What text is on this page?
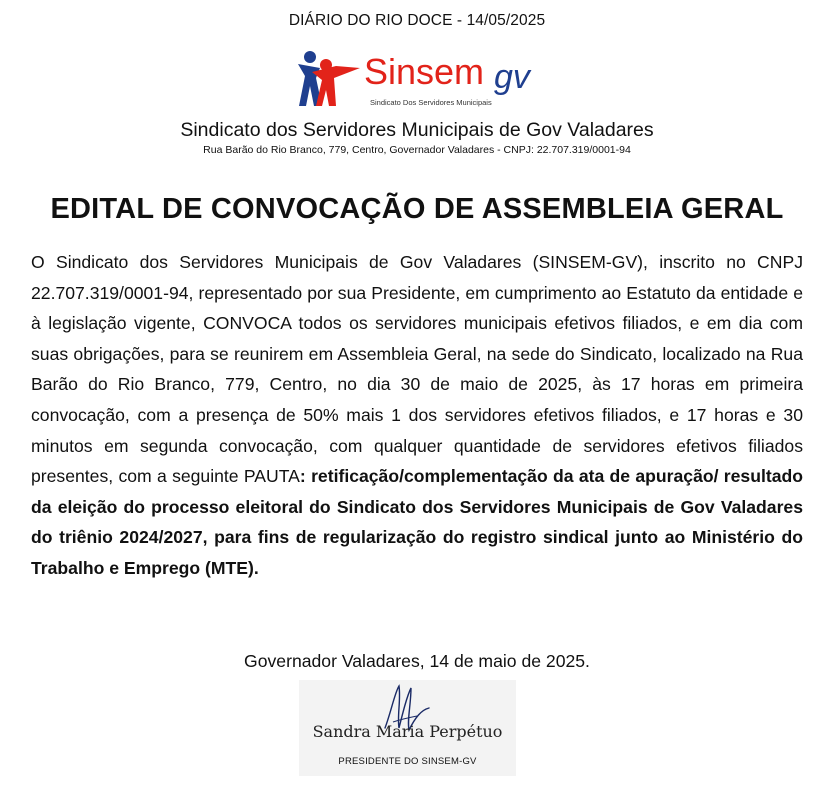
DIÁRIO DO RIO DOCE - 14/05/2025
Sinsem gv
Sindicato Dos Servidores Municipais
Sindicato dos Servidores Municipais de Gov Valadares
Rua Barão do Rio Branco, 779, Centro, Governador Valadares - CNPJ: 22.707.319/0001-94
EDITAL DE CONVOCAÇÃO DE ASSEMBLEIA GERAL
O Sindicato dos Servidores Municipais de Gov Valadares (SINSEM-GV), inscrito no CNPJ 22.707.319/0001-94, representado por sua Presidente, em cumprimento ao Estatuto da entidade e à legislação vigente, CONVOCA todos os servidores municipais efetivos filiados, e em dia com suas obrigações, para se reunirem em Assembleia Geral, na sede do Sindicato, localizado na Rua Barão do Rio Branco, 779, Centro, no dia 30 de maio de 2025, às 17 horas em primeira convocação, com a presença de 50% mais 1 dos servidores efetivos filiados, e 17 horas e 30 minutos em segunda convocação, com qualquer quantidade de servidores efetivos filiados presentes, com a seguinte PAUTA: retificação/complementação da ata de apuração/ resultado da eleição do processo eleitoral do Sindicato dos Servidores Municipais de Gov Valadares do triênio 2024/2027, para fins de regularização do registro sindical junto ao Ministério do Trabalho e Emprego (MTE).
Governador Valadares, 14 de maio de 2025.
Sandra Maria Perpétuo
PRESIDENTE DO SINSEM-GV
